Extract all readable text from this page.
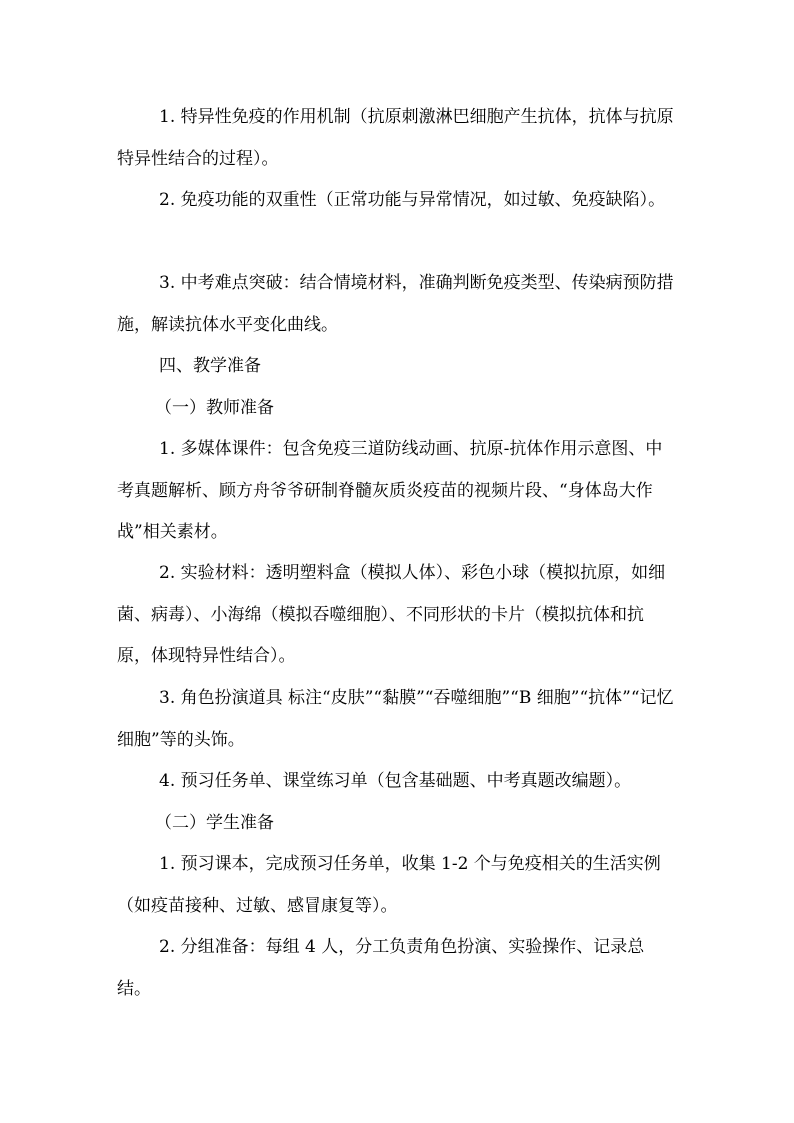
1. 特异性免疫的作用机制（抗原刺激淋巴细胞产生抗体，抗体与抗原特异性结合的过程）。

2. 免疫功能的双重性（正常功能与异常情况，如过敏、免疫缺陷）。

3. 中考难点突破：结合情境材料，准确判断免疫类型、传染病预防措施，解读抗体水平变化曲线。

四、教学准备

（一）教师准备

1. 多媒体课件：包含免疫三道防线动画、抗原-抗体作用示意图、中考真题解析、顾方舟爷爷研制脊髓灰质炎疫苗的视频片段、“身体岛大作战”相关素材。

2. 实验材料：透明塑料盒（模拟人体）、彩色小球（模拟抗原，如细菌、病毒）、小海绵（模拟吞噬细胞）、不同形状的卡片（模拟抗体和抗原，体现特异性结合）。

3. 角色扮演道具 标注“皮肤”“黏膜”“吞噬细胞”“B 细胞”“抗体”“记忆细胞”等的头饰。

4. 预习任务单、课堂练习单（包含基础题、中考真题改编题）。

（二）学生准备

1. 预习课本，完成预习任务单，收集 1-2 个与免疫相关的生活实例（如疫苗接种、过敏、感冒康复等）。

2. 分组准备：每组 4 人，分工负责角色扮演、实验操作、记录总结。
